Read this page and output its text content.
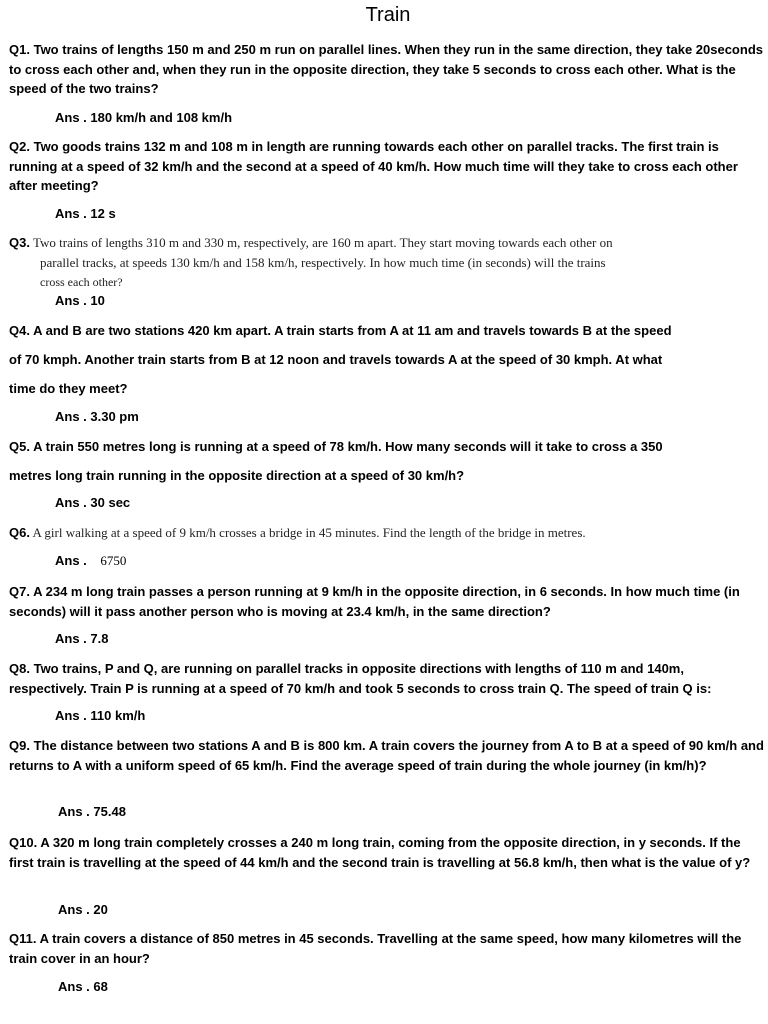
Train
Q1. Two trains of lengths 150 m and 250 m run on parallel lines. When they run in the same direction, they take 20seconds to cross each other and, when they run in the opposite direction, they take 5 seconds to cross each other. What is the speed of the two trains?
Ans . 180 km/h and 108 km/h
Q2. Two goods trains 132 m and 108 m in length are running towards each other on parallel tracks. The first train is running at a speed of 32 km/h and the second at a speed of 40 km/h. How much time will they take to cross each other after meeting?
Ans . 12 s
Q3. Two trains of lengths 310 m and 330 m, respectively, are 160 m apart. They start moving towards each other on
parallel tracks, at speeds 130 km/h and 158 km/h, respectively. In how much time (in seconds) will the trains
cross each other?
Ans . 10
Q4. A and B are two stations 420 km apart. A train starts from A at 11 am and travels towards B at the speed
of 70 kmph. Another train starts from B at 12 noon and travels towards A at the speed of 30 kmph. At what
time do they meet?
Ans . 3.30 pm
Q5. A train 550 metres long is running at a speed of 78 km/h. How many seconds will it take to cross a 350
metres long train running in the opposite direction at a speed of 30 km/h?
Ans . 30 sec
Q6. A girl walking at a speed of 9 km/h crosses a bridge in 45 minutes. Find the length of the bridge in metres.
Ans . 6750
Q7. A 234 m long train passes a person running at 9 km/h in the opposite direction, in 6 seconds. In how much time (in seconds) will it pass another person who is moving at 23.4 km/h, in the same direction?
Ans . 7.8
Q8. Two trains, P and Q, are running on parallel tracks in opposite directions with lengths of 110 m and 140m, respectively. Train P is running at a speed of 70 km/h and took 5 seconds to cross train Q. The speed of train Q is:
Ans . 110 km/h
Q9. The distance between two stations A and B is 800 km. A train covers the journey from A to B at a speed of 90 km/h and returns to A with a uniform speed of 65 km/h. Find the average speed of train during the whole journey (in km/h)?
Ans . 75.48
Q10. A 320 m long train completely crosses a 240 m long train, coming from the opposite direction, in y seconds. If the first train is travelling at the speed of 44 km/h and the second train is travelling at 56.8 km/h, then what is the value of y?
Ans . 20
Q11. A train covers a distance of 850 metres in 45 seconds. Travelling at the same speed, how many kilometres will the train cover in an hour?
Ans . 68
